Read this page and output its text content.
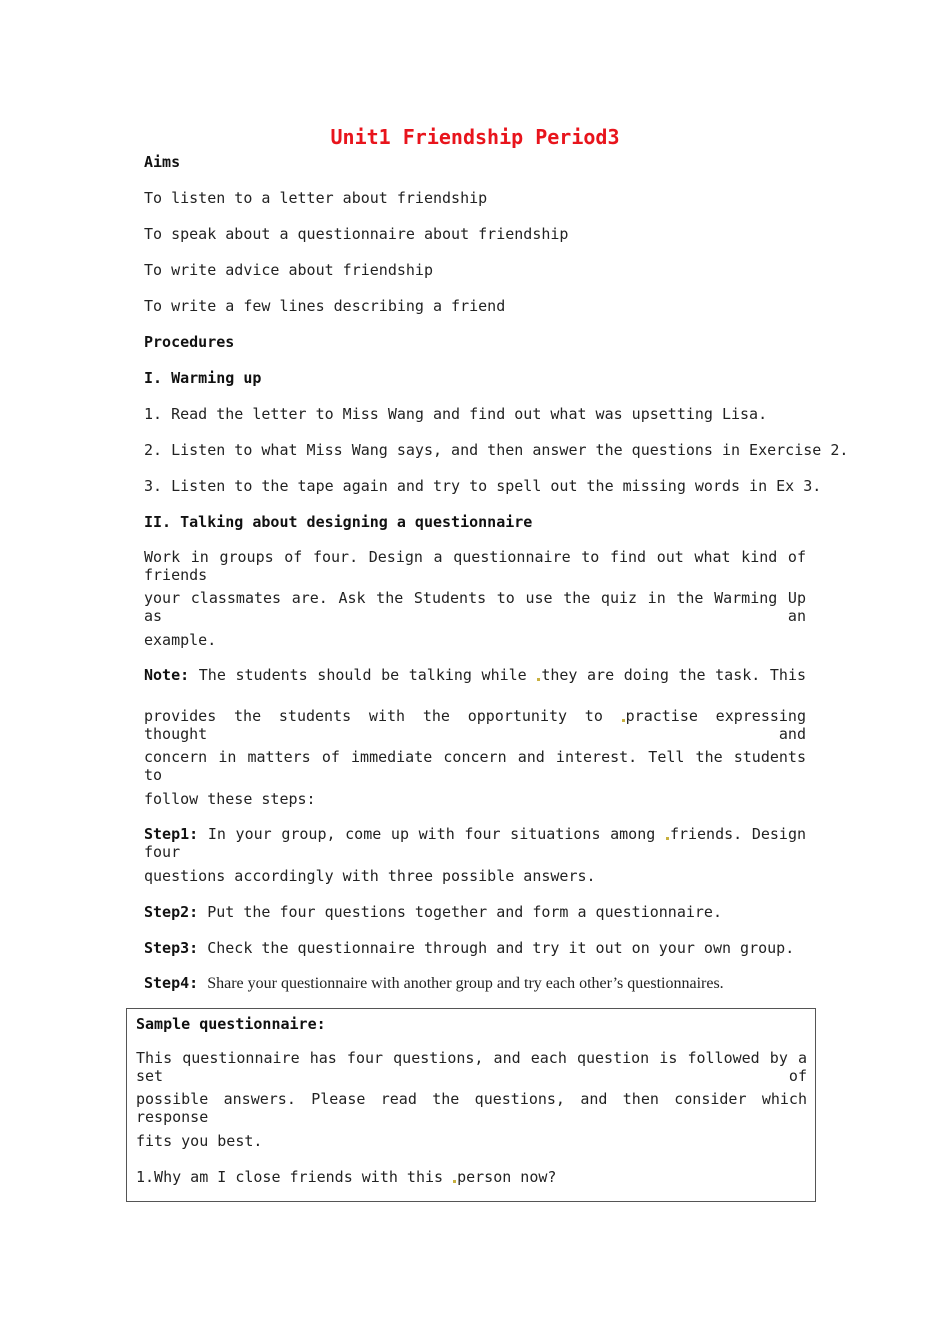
Unit1 Friendship Period3
Aims
To listen to a letter about friendship
To speak about a questionnaire about friendship
To write advice about friendship
To write a few lines describing a friend
Procedures
I. Warming up
1. Read the letter to Miss Wang and find out what was upsetting Lisa.
2. Listen to what Miss Wang says, and then answer the questions in Exercise 2.
3. Listen to the tape again and try to spell out the missing words in Ex 3.
II. Talking about designing a questionnaire
Work in groups of four. Design a questionnaire to find out what kind of friends
your classmates are. Ask the Students to use the quiz in the Warming Up as an
example.
Note: The students should be talking while they are doing the task. This
provides the students with the opportunity to practise expressing thought and
concern in matters of immediate concern and interest. Tell the students to
follow these steps:
Step1: In your group, come up with four situations among friends. Design four
questions accordingly with three possible answers.
Step2: Put the four questions together and form a questionnaire.
Step3: Check the questionnaire through and try it out on your own group.
Step4: Share your questionnaire with another group and try each other’s questionnaires.
Sample questionnaire:
This questionnaire has four questions, and each question is followed by a set of
possible answers. Please read the questions, and then consider which response
fits you best.
1.Why am I close friends with this person now?
